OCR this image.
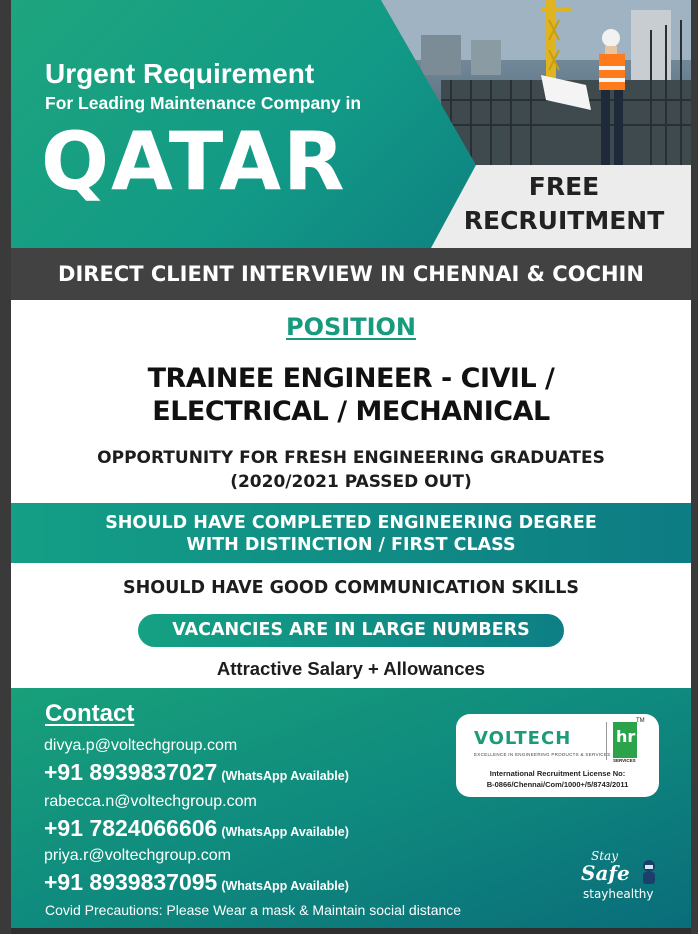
Urgent Requirement
For Leading Maintenance Company in
QATAR	FREE
RECRUITMENT
DIRECT CLIENT INTERVIEW IN CHENNAI & COCHIN
POSITION
TRAINEE ENGINEER - CIVIL /
ELECTRICAL / MECHANICAL
OPPORTUNITY FOR FRESH ENGINEERING GRADUATES
(2020/2021 PASSED OUT)
SHOULD HAVE COMPLETED ENGINEERING DEGREE
WITH DISTINCTION / FIRST CLASS
SHOULD HAVE GOOD COMMUNICATION SKILLS
VACANCIES ARE IN LARGE NUMBERS
Attractive Salary + Allowances
Contact
divya.p@voltechgroup.com
+91 8939837027 (WhatsApp Available)
rabecca.n@voltechgroup.com
+91 7824066606 (WhatsApp Available)
priya.r@voltechgroup.com
+91 8939837095 (WhatsApp Available)
Covid Precautions: Please Wear a mask & Maintain social distance
VOLTECH
EXCELLENCE IN ENGINEERING PRODUCTS & SERVICES
hr
SERVICES
TM
International Recruitment License No:
B-0866/Chennai/Com/1000+/5/8743/2011
Stay
Safe
stayhealthy
